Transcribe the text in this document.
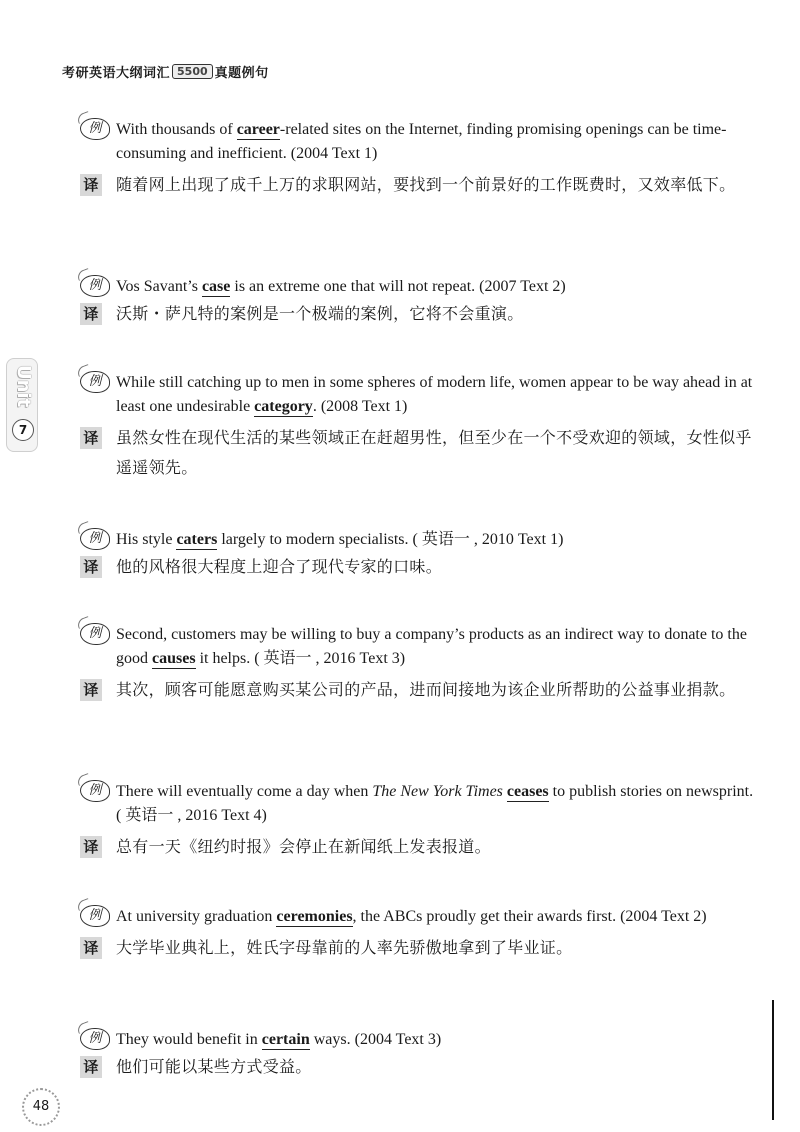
考研英语大纲词汇 5500 真题例句
Unit
7
例 With thousands of career-related sites on the Internet, finding promising openings can be time-consuming and inefficient. (2004 Text 1)
译 随着网上出现了成千上万的求职网站，要找到一个前景好的工作既费时，又效率低下。
例 Vos Savant’s case is an extreme one that will not repeat. (2007 Text 2)
译 沃斯・萨凡特的案例是一个极端的案例，它将不会重演。
例 While still catching up to men in some spheres of modern life, women appear to be way ahead in at least one undesirable category. (2008 Text 1)
译 虽然女性在现代生活的某些领域正在赶超男性，但至少在一个不受欢迎的领域，女性似乎遥遥领先。
例 His style caters largely to modern specialists. ( 英语一 , 2010 Text 1)
译 他的风格很大程度上迎合了现代专家的口味。
例 Second, customers may be willing to buy a company’s products as an indirect way to donate to the good causes it helps. ( 英语一 , 2016 Text 3)
译 其次，顾客可能愿意购买某公司的产品，进而间接地为该企业所帮助的公益事业捐款。
例 There will eventually come a day when The New York Times ceases to publish stories on newsprint. ( 英语一 , 2016 Text 4)
译 总有一天《纽约时报》会停止在新闻纸上发表报道。
例 At university graduation ceremonies, the ABCs proudly get their awards first. (2004 Text 2)
译 大学毕业典礼上，姓氏字母靠前的人率先骄傲地拿到了毕业证。
例 They would benefit in certain ways. (2004 Text 3)
译 他们可能以某些方式受益。
48
